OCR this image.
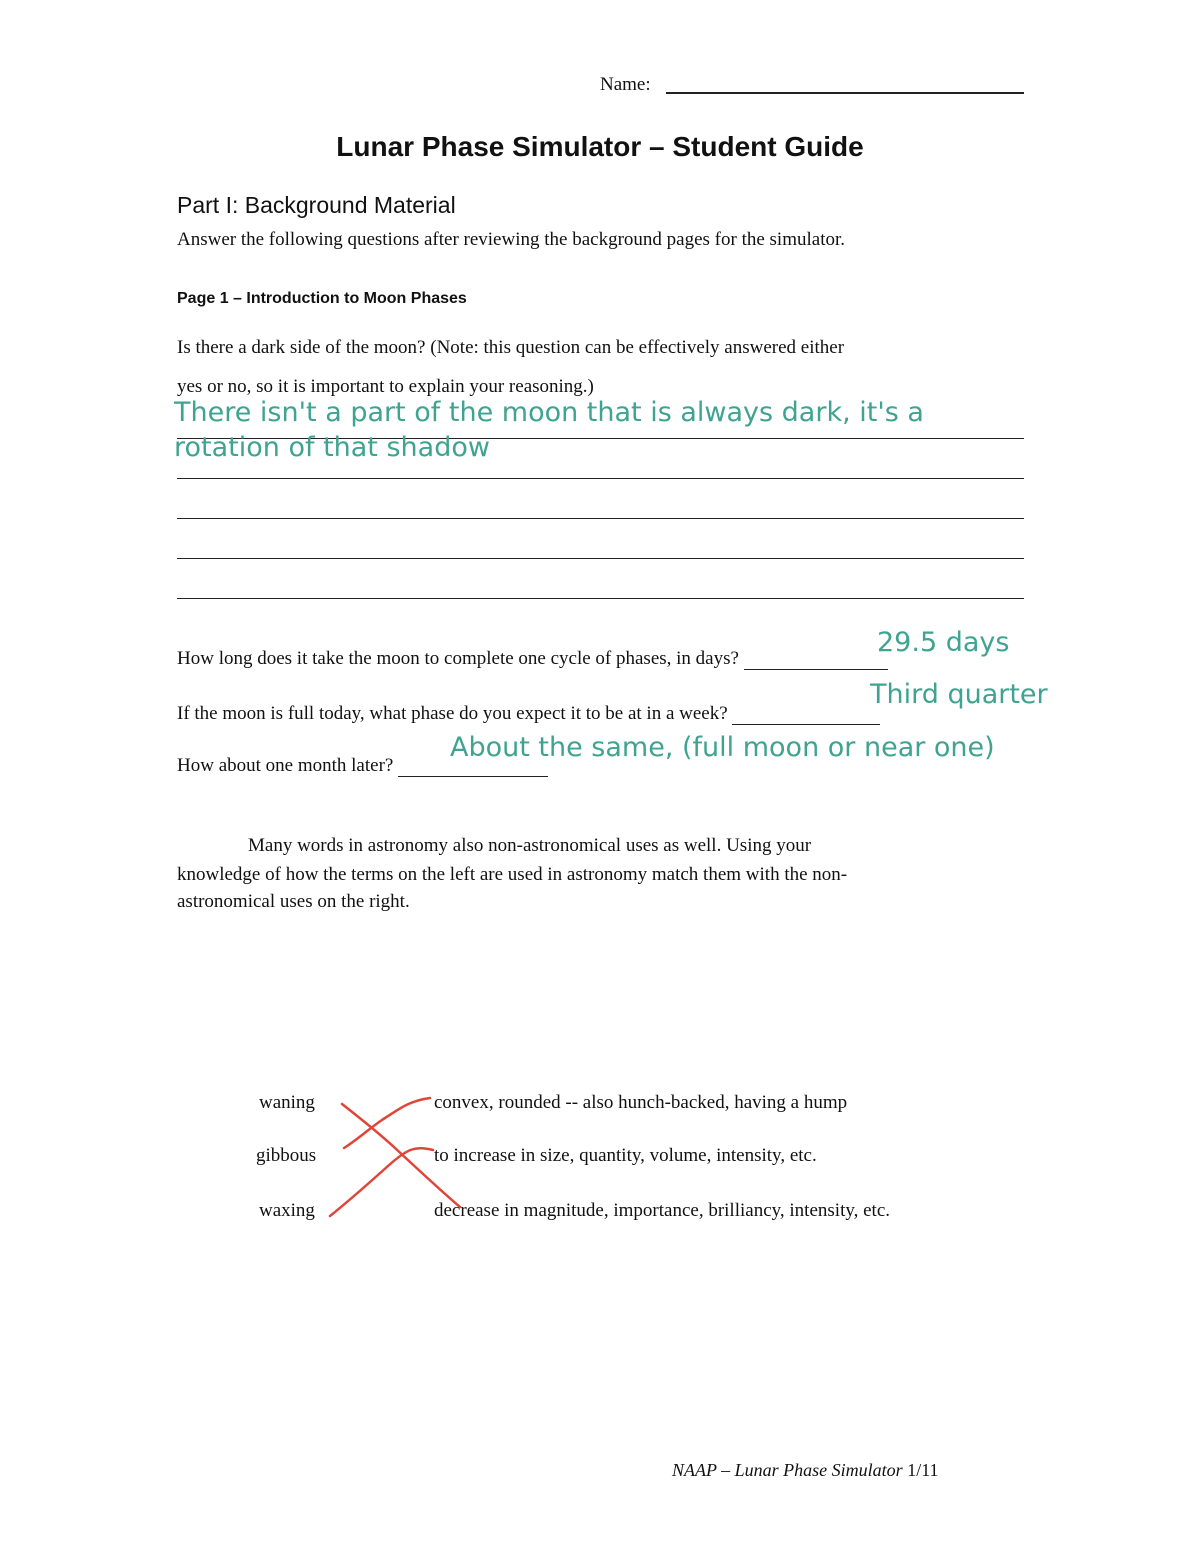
Name:
Lunar Phase Simulator – Student Guide
Part I: Background Material
Answer the following questions after reviewing the background pages for the simulator.
Page 1 – Introduction to Moon Phases
Is there a dark side of the moon? (Note: this question can be effectively answered either
yes or no, so it is important to explain your reasoning.)
There isn't a part of the moon that is always dark, it's a
rotation of that shadow
How long does it take the moon to complete one cycle of phases, in days?
29.5 days
If the moon is full today, what phase do you expect it to be at in a week?
Third quarter
How about one month later?
About the same, (full moon or near one)
Many words in astronomy also non-astronomical uses as well. Using your
knowledge of how the terms on the left are used in astronomy match them with the non-
astronomical uses on the right.
waning
gibbous
waxing
convex, rounded -- also hunch-backed, having a hump
to increase in size, quantity, volume, intensity, etc.
decrease in magnitude, importance, brilliancy, intensity, etc.
NAAP – Lunar Phase Simulator 1/11
